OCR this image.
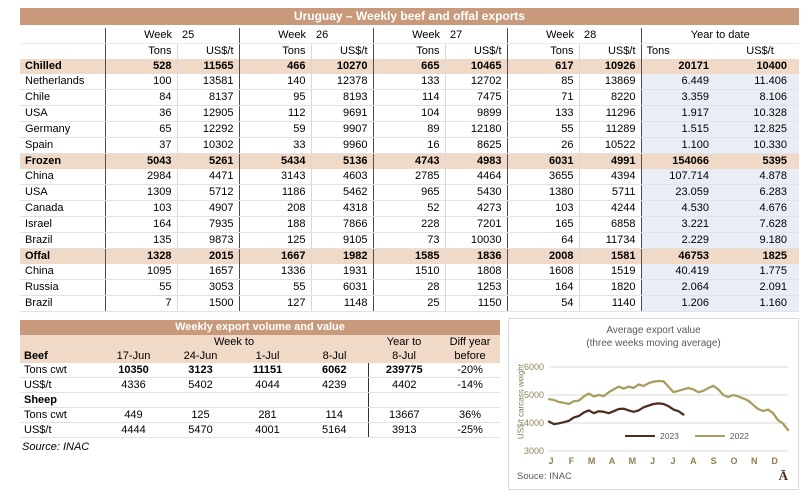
Uruguay – Weekly beef and offal exports
	Week	25	Week	26	Week	27	Week	28	Year to date	
	Tons	US$/t	Tons	US$/t	Tons	US$/t	Tons	US$/t	Tons	US$/t
Chilled	528	11565	466	10270	665	10465	617	10926	20171	10400
Netherlands	100	13581	140	12378	133	12702	85	13869	6.449	11.406
Chile	84	8137	95	8193	114	7475	71	8220	3.359	8.106
USA	36	12905	112	9691	104	9899	133	11296	1.917	10.328
Germany	65	12292	59	9907	89	12180	55	11289	1.515	12.825
Spain	37	10302	33	9960	16	8625	26	10522	1.100	10.330
Frozen	5043	5261	5434	5136	4743	4983	6031	4991	154066	5395
China	2984	4471	3143	4603	2785	4464	3655	4394	107.714	4.878
USA	1309	5712	1186	5462	965	5430	1380	5711	23.059	6.283
Canada	103	4907	208	4318	52	4273	103	4244	4.530	4.676
Israel	164	7935	188	7866	228	7201	165	6858	3.221	7.628
Brazil	135	9873	125	9105	73	10030	64	11734	2.229	9.180
Offal	1328	2015	1667	1982	1585	1836	2008	1581	46753	1825
China	1095	1657	1336	1931	1510	1808	1608	1519	40.419	1.775
Russia	55	3053	55	6031	28	1253	164	1820	2.064	2.091
Brazil	7	1500	127	1148	25	1150	54	1140	1.206	1.160
Weekly export volume and value
	Week to				Year to	Diff year
Beef	17-Jun	24-Jun	1-Jul	8-Jul	8-Jul	before
Tons cwt	10350	3123	11151	6062	239775	-20%
US$/t	4336	5402	4044	4239	4402	-14%
Sheep						
Tons cwt	449	125	281	114	13667	36%
US$/t	4444	5470	4001	5164	3913	-25%
Source: INAC
6000
5000
4000
3000
J F M A M J J A S O N D
Average export value
(three weeks moving average)
US$/t carcass weight	2023	2022
Souce: INAC	Ā
